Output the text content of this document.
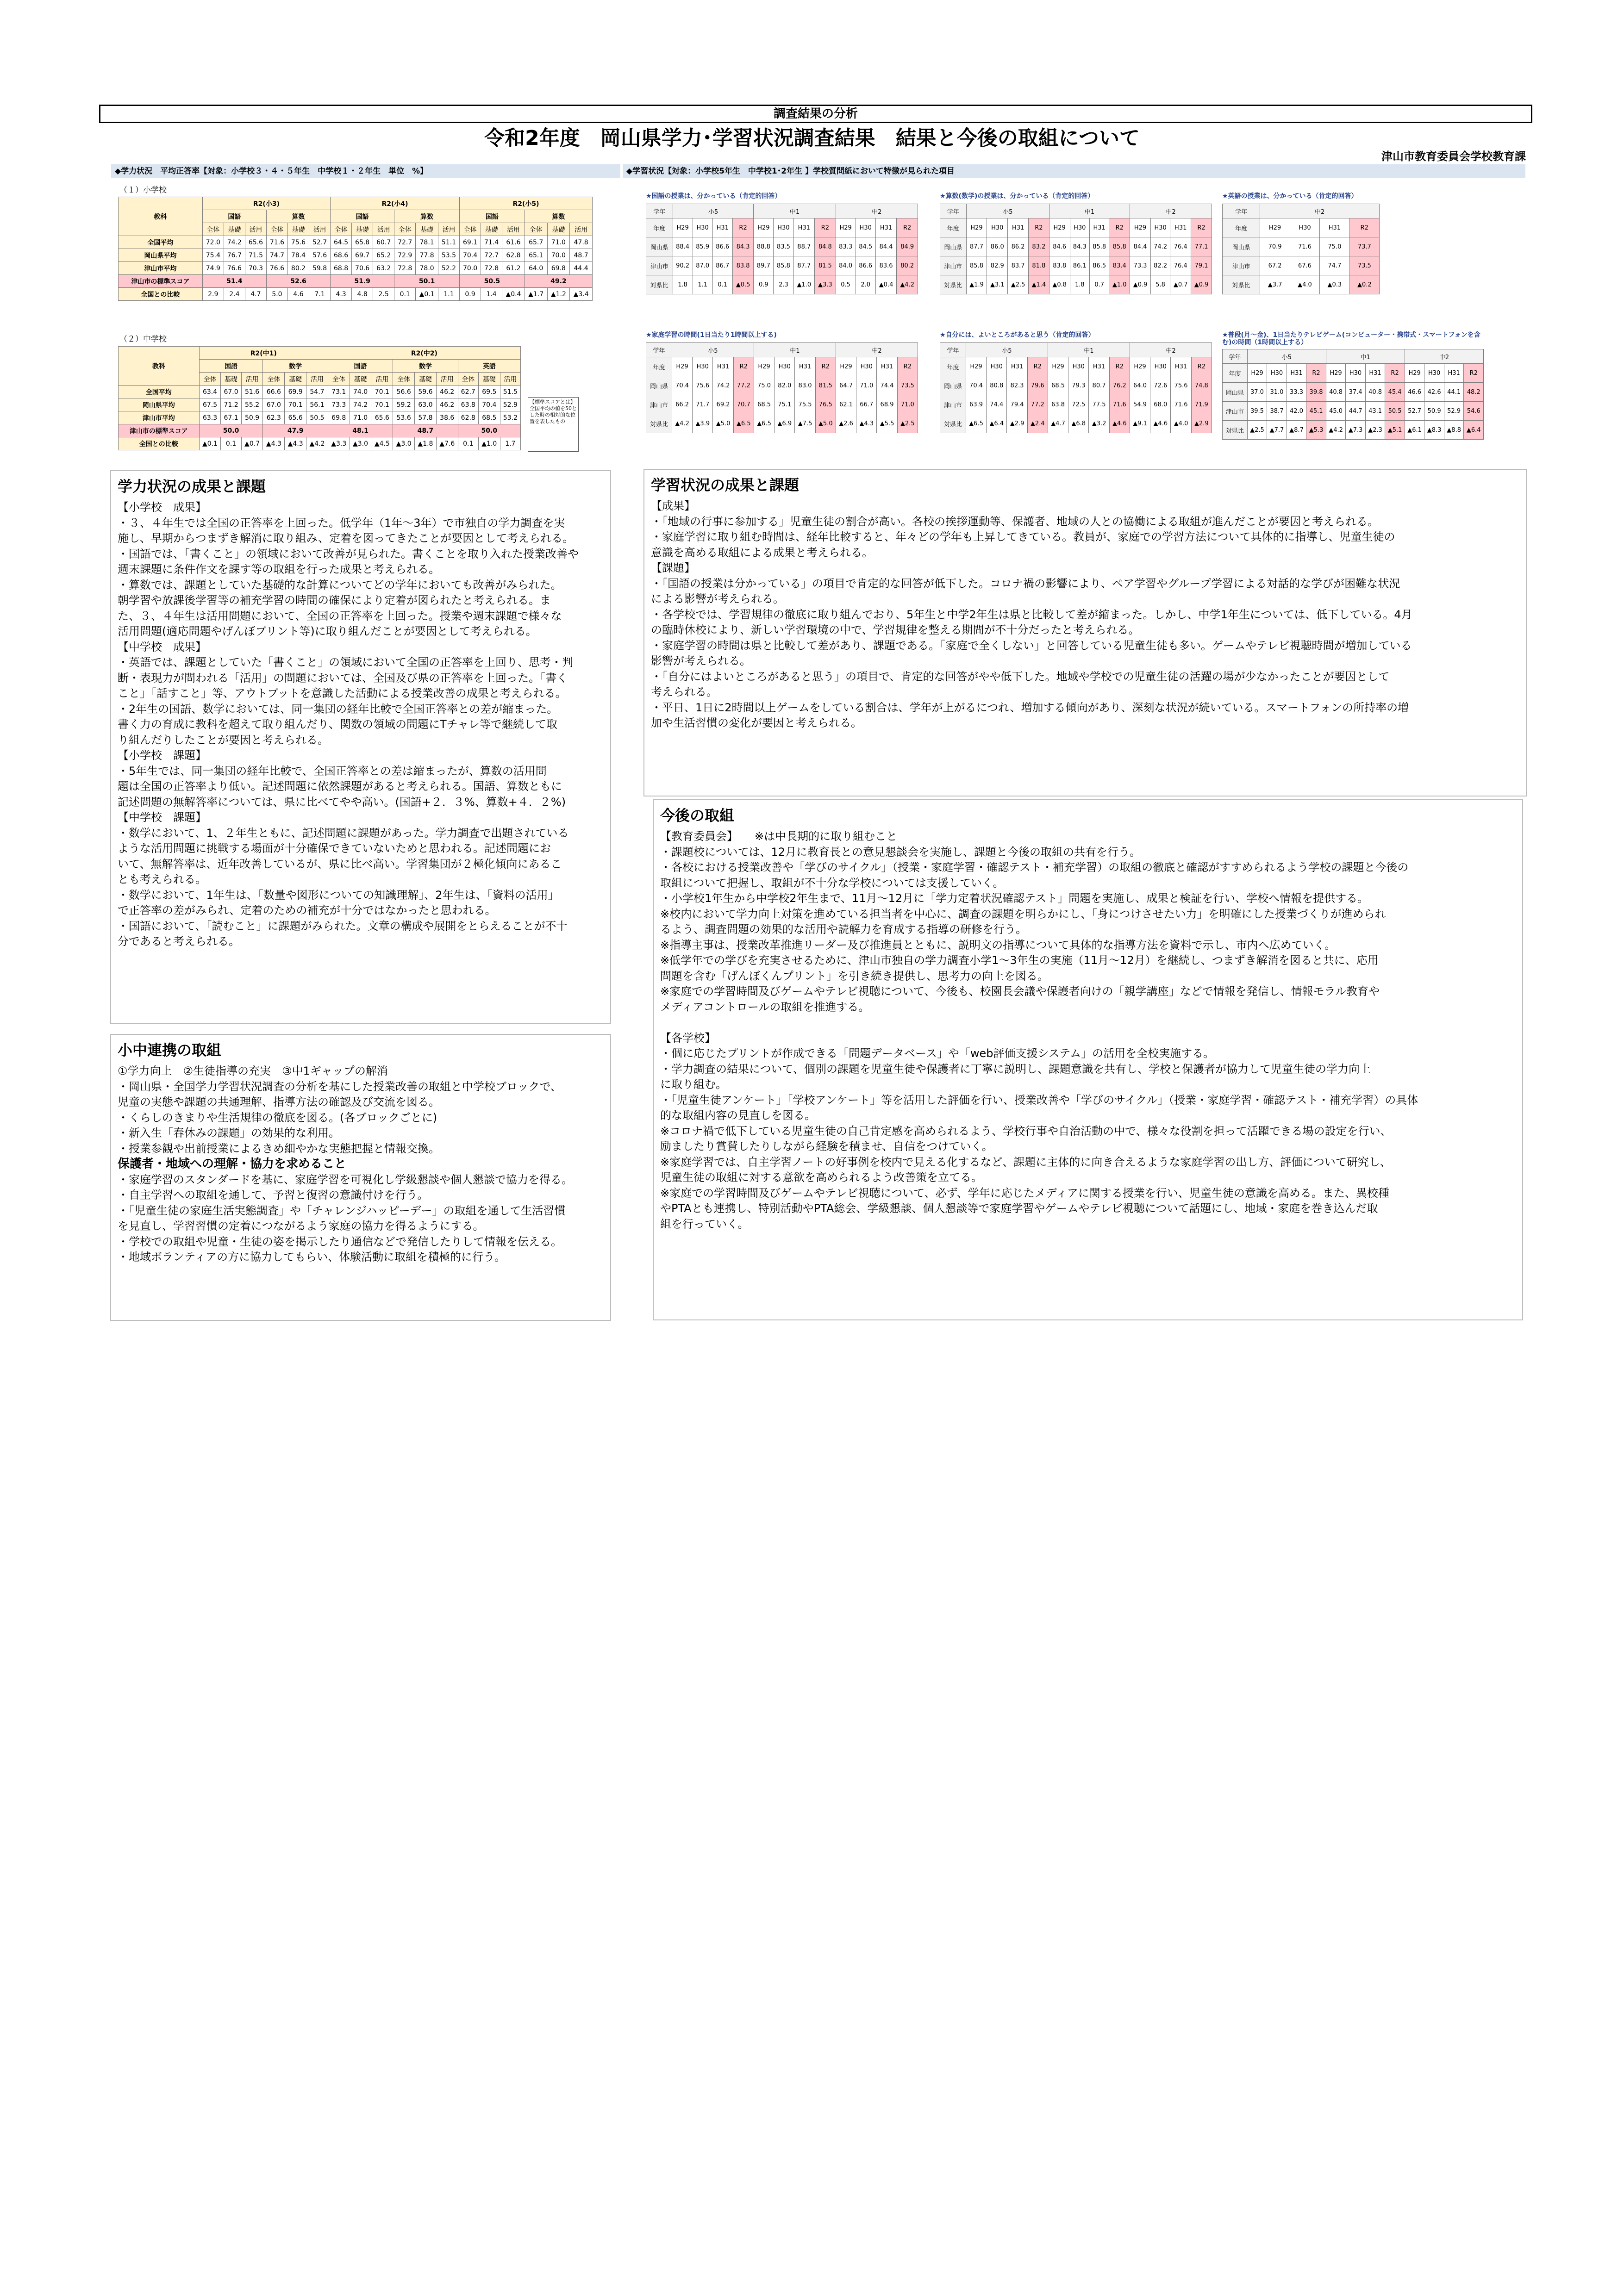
調査結果の分析
令和2年度　岡山県学力･学習状況調査結果　結果と今後の取組について
津山市教育委員会学校教育課
◆学力状況　平均正答率【対象：小学校３・４・５年生　中学校１・２年生　単位　%】	◆学習状況【対象：小学校5年生　中学校1･2年生 】学校質問紙において特徴が見られた項目
（１）小学校
教科	R2(小3)						R2(小4)						R2(小5)					
	国語			算数			国語			算数			国語			算数		
	全体	基礎	活用	全体	基礎	活用	全体	基礎	活用	全体	基礎	活用	全体	基礎	活用	全体	基礎	活用
全国平均	72.0	74.2	65.6	71.6	75.6	52.7	64.5	65.8	60.7	72.7	78.1	51.1	69.1	71.4	61.6	65.7	71.0	47.8
岡山県平均	75.4	76.7	71.5	74.7	78.4	57.6	68.6	69.7	65.2	72.9	77.8	53.5	70.4	72.7	62.8	65.1	70.0	48.7
津山市平均	74.9	76.6	70.3	76.6	80.2	59.8	68.8	70.6	63.2	72.8	78.0	52.2	70.0	72.8	61.2	64.0	69.8	44.4
津山市の標準スコア	51.4			52.6			51.9			50.1			50.5			49.2		
全国との比較	2.9	2.4	4.7	5.0	4.6	7.1	4.3	4.8	2.5	0.1	▲0.1	1.1	0.9	1.4	▲0.4	▲1.7	▲1.2	▲3.4
（２）中学校
教科	R2(中1)						R2(中2)								
	国語			数学			国語			数学			英語		
	全体	基礎	活用	全体	基礎	活用	全体	基礎	活用	全体	基礎	活用	全体	基礎	活用
全国平均	63.4	67.0	51.6	66.6	69.9	54.7	73.1	74.0	70.1	56.6	59.6	46.2	62.7	69.5	51.5
岡山県平均	67.5	71.2	55.2	67.0	70.1	56.1	73.3	74.2	70.1	59.2	63.0	46.2	63.8	70.4	52.9
津山市平均	63.3	67.1	50.9	62.3	65.6	50.5	69.8	71.0	65.6	53.6	57.8	38.6	62.8	68.5	53.2
津山市の標準スコア	50.0			47.9			48.1			48.7			50.0		
全国との比較	▲0.1	0.1	▲0.7	▲4.3	▲4.3	▲4.2	▲3.3	▲3.0	▲4.5	▲3.0	▲1.8	▲7.6	0.1	▲1.0	1.7
【標準スコアとは】全国平均の値を50とした時の相対的な位置を表したもの
★国語の授業は、分かっている（肯定的回答）
学年	小5				中1				中2			
年度	H29	H30	H31	R2	H29	H30	H31	R2	H29	H30	H31	R2
岡山県	88.4	85.9	86.6	84.3	88.8	83.5	88.7	84.8	83.3	84.5	84.4	84.9
津山市	90.2	87.0	86.7	83.8	89.7	85.8	87.7	81.5	84.0	86.6	83.6	80.2
対県比	1.8	1.1	0.1	▲0.5	0.9	2.3	▲1.0	▲3.3	0.5	2.0	▲0.4	▲4.2
★算数(数学)の授業は、分かっている（肯定的回答）
学年	小5				中1				中2			
年度	H29	H30	H31	R2	H29	H30	H31	R2	H29	H30	H31	R2
岡山県	87.7	86.0	86.2	83.2	84.6	84.3	85.8	85.8	84.4	74.2	76.4	77.1
津山市	85.8	82.9	83.7	81.8	83.8	86.1	86.5	83.4	73.3	82.2	76.4	79.1
対県比	▲1.9	▲3.1	▲2.5	▲1.4	▲0.8	1.8	0.7	▲1.0	▲0.9	5.8	▲0.7	▲0.9
★英語の授業は、分かっている（肯定的回答）
学年	中2			
年度	H29	H30	H31	R2
岡山県	70.9	71.6	75.0	73.7
津山市	67.2	67.6	74.7	73.5
対県比	▲3.7	▲4.0	▲0.3	▲0.2
★家庭学習の時間(1日当たり1時間以上する)
学年	小5				中1				中2			
年度	H29	H30	H31	R2	H29	H30	H31	R2	H29	H30	H31	R2
岡山県	70.4	75.6	74.2	77.2	75.0	82.0	83.0	81.5	64.7	71.0	74.4	73.5
津山市	66.2	71.7	69.2	70.7	68.5	75.1	75.5	76.5	62.1	66.7	68.9	71.0
対県比	▲4.2	▲3.9	▲5.0	▲6.5	▲6.5	▲6.9	▲7.5	▲5.0	▲2.6	▲4.3	▲5.5	▲2.5
★自分には、よいところがあると思う（肯定的回答）
学年	小5				中1				中2			
年度	H29	H30	H31	R2	H29	H30	H31	R2	H29	H30	H31	R2
岡山県	70.4	80.8	82.3	79.6	68.5	79.3	80.7	76.2	64.0	72.6	75.6	74.8
津山市	63.9	74.4	79.4	77.2	63.8	72.5	77.5	71.6	54.9	68.0	71.6	71.9
対県比	▲6.5	▲6.4	▲2.9	▲2.4	▲4.7	▲6.8	▲3.2	▲4.6	▲9.1	▲4.6	▲4.0	▲2.9
★普段(月～金)、1日当たりテレビゲーム(コンピューター・携帯式・スマートフォンを含む)の時間（1時間以上する）
学年	小5				中1				中2			
年度	H29	H30	H31	R2	H29	H30	H31	R2	H29	H30	H31	R2
岡山県	37.0	31.0	33.3	39.8	40.8	37.4	40.8	45.4	46.6	42.6	44.1	48.2
津山市	39.5	38.7	42.0	45.1	45.0	44.7	43.1	50.5	52.7	50.9	52.9	54.6
対県比	▲2.5	▲7.7	▲8.7	▲5.3	▲4.2	▲7.3	▲2.3	▲5.1	▲6.1	▲8.3	▲8.8	▲6.4
学力状況の成果と課題

【小学校　成果】

・３、４年生では全国の正答率を上回った。低学年（1年～3年）で市独自の学力調査を実

施し、早期からつまずき解消に取り組み、定着を図ってきたことが要因として考えられる。

・国語では、「書くこと」の領域において改善が見られた。書くことを取り入れた授業改善や

週末課題に条件作文を課す等の取組を行った成果と考えられる。

・算数では、課題としていた基礎的な計算についてどの学年においても改善がみられた。

朝学習や放課後学習等の補充学習の時間の確保により定着が図られたと考えられる。ま

た、３、４年生は活用問題において、全国の正答率を上回った。授業や週末課題で様々な

活用問題(適応問題やげんぼプリント等)に取り組んだことが要因として考えられる。

【中学校　成果】

・英語では、課題としていた「書くこと」の領域において全国の正答率を上回り、思考・判

断・表現力が問われる「活用」の問題においては、全国及び県の正答率を上回った。「書く

こと」「話すこと」等、アウトプットを意識した活動による授業改善の成果と考えられる。

・2年生の国語、数学においては、同一集団の経年比較で全国正答率との差が縮まった。

書く力の育成に教科を超えて取り組んだり、関数の領域の問題にTチャレ等で継続して取

り組んだりしたことが要因と考えられる。

【小学校　課題】

・5年生では、同一集団の経年比較で、全国正答率との差は縮まったが、算数の活用問

題は全国の正答率より低い。記述問題に依然課題があると考えられる。国語、算数ともに

記述問題の無解答率については、県に比べてやや高い。(国語+２．３%、算数+４．２%)

【中学校　課題】

・数学において、1、２年生ともに、記述問題に課題があった。学力調査で出題されている

ような活用問題に挑戦する場面が十分確保できていないためと思われる。記述問題にお

いて、無解答率は、近年改善しているが、県に比べ高い。学習集団が２極化傾向にあるこ

とも考えられる。

・数学において、1年生は、「数量や図形についての知識理解」、2年生は、「資料の活用」

で正答率の差がみられ、定着のための補充が十分ではなかったと思われる。

・国語において、「読むこと」に課題がみられた。文章の構成や展開をとらえることが不十

分であると考えられる。

小中連携の取組

①学力向上　②生徒指導の充実　③中1ギャップの解消

・岡山県・全国学力学習状況調査の分析を基にした授業改善の取組と中学校ブロックで、

児童の実態や課題の共通理解、指導方法の確認及び交流を図る。

・くらしのきまりや生活規律の徹底を図る。(各ブロックごとに)

・新入生「春休みの課題」の効果的な利用。

・授業参観や出前授業によるきめ細やかな実態把握と情報交換。

保護者・地域への理解・協力を求めること

・家庭学習のスタンダードを基に、家庭学習を可視化し学級懇談や個人懇談で協力を得る。

・自主学習への取組を通して、予習と復習の意識付けを行う。

・「児童生徒の家庭生活実態調査」や「チャレンジハッピーデー」の取組を通して生活習慣

を見直し、学習習慣の定着につながるよう家庭の協力を得るようにする。

・学校での取組や児童・生徒の姿を掲示したり通信などで発信したりして情報を伝える。

・地域ボランティアの方に協力してもらい、体験活動に取組を積極的に行う。

学習状況の成果と課題

【成果】

・「地域の行事に参加する」児童生徒の割合が高い。各校の挨拶運動等、保護者、地域の人との協働による取組が進んだことが要因と考えられる。

・家庭学習に取り組む時間は、経年比較すると、年々どの学年も上昇してきている。教員が、家庭での学習方法について具体的に指導し、児童生徒の

意識を高める取組による成果と考えられる。

【課題】

・「国語の授業は分かっている」の項目で肯定的な回答が低下した。コロナ禍の影響により、ペア学習やグループ学習による対話的な学びが困難な状況

による影響が考えられる。

・各学校では、学習規律の徹底に取り組んでおり、5年生と中学2年生は県と比較して差が縮まった。しかし、中学1年生については、低下している。4月

の臨時休校により、新しい学習環境の中で、学習規律を整える期間が不十分だったと考えられる。

・家庭学習の時間は県と比較して差があり、課題である。「家庭で全くしない」と回答している児童生徒も多い。ゲームやテレビ視聴時間が増加している

影響が考えられる。

・「自分にはよいところがあると思う」の項目で、肯定的な回答がやや低下した。地域や学校での児童生徒の活躍の場が少なかったことが要因として

考えられる。

・平日、1日に2時間以上ゲームをしている割合は、学年が上がるにつれ、増加する傾向があり、深刻な状況が続いている。スマートフォンの所持率の増

加や生活習慣の変化が要因と考えられる。

今後の取組

【教育委員会】　　※は中長期的に取り組むこと

・課題校については、12月に教育長との意見懇談会を実施し、課題と今後の取組の共有を行う。

・各校における授業改善や「学びのサイクル」（授業・家庭学習・確認テスト・補充学習）の取組の徹底と確認がすすめられるよう学校の課題と今後の

取組について把握し、取組が不十分な学校については支援していく。

・小学校1年生から中学校2年生まで、11月～12月に「学力定着状況確認テスト」問題を実施し、成果と検証を行い、学校へ情報を提供する。

※校内において学力向上対策を進めている担当者を中心に、調査の課題を明らかにし、「身につけさせたい力」を明確にした授業づくりが進められ

るよう、調査問題の効果的な活用や読解力を育成する指導の研修を行う。

※指導主事は、授業改革推進リーダー及び推進員とともに、説明文の指導について具体的な指導方法を資料で示し、市内へ広めていく。

※低学年での学びを充実させるために、津山市独自の学力調査小学1～3年生の実施（11月～12月）を継続し、つまずき解消を図ると共に、応用

問題を含む「げんぼくんプリント」を引き続き提供し、思考力の向上を図る。

※家庭での学習時間及びゲームやテレビ視聴について、今後も、校園長会議や保護者向けの「親学講座」などで情報を発信し、情報モラル教育や

メディアコントロールの取組を推進する。

【各学校】

・個に応じたプリントが作成できる「問題データベース」や「web評価支援システム」の活用を全校実施する。

・学力調査の結果について、個別の課題を児童生徒や保護者に丁寧に説明し、課題意識を共有し、学校と保護者が協力して児童生徒の学力向上

に取り組む。

・「児童生徒アンケート」「学校アンケート」等を活用した評価を行い、授業改善や「学びのサイクル」（授業・家庭学習・確認テスト・補充学習）の具体

的な取組内容の見直しを図る。

※コロナ禍で低下している児童生徒の自己肯定感を高められるよう、学校行事や自治活動の中で、様々な役割を担って活躍できる場の設定を行い、

励ましたり賞賛したりしながら経験を積ませ、自信をつけていく。

※家庭学習では、自主学習ノートの好事例を校内で見える化するなど、課題に主体的に向き合えるような家庭学習の出し方、評価について研究し、

児童生徒の取組に対する意欲を高められるよう改善策を立てる。

※家庭での学習時間及びゲームやテレビ視聴について、必ず、学年に応じたメディアに関する授業を行い、児童生徒の意識を高める。また、異校種

やPTAとも連携し、特別活動やPTA総会、学級懇談、個人懇談等で家庭学習やゲームやテレビ視聴について話題にし、地域・家庭を巻き込んだ取

組を行っていく。
